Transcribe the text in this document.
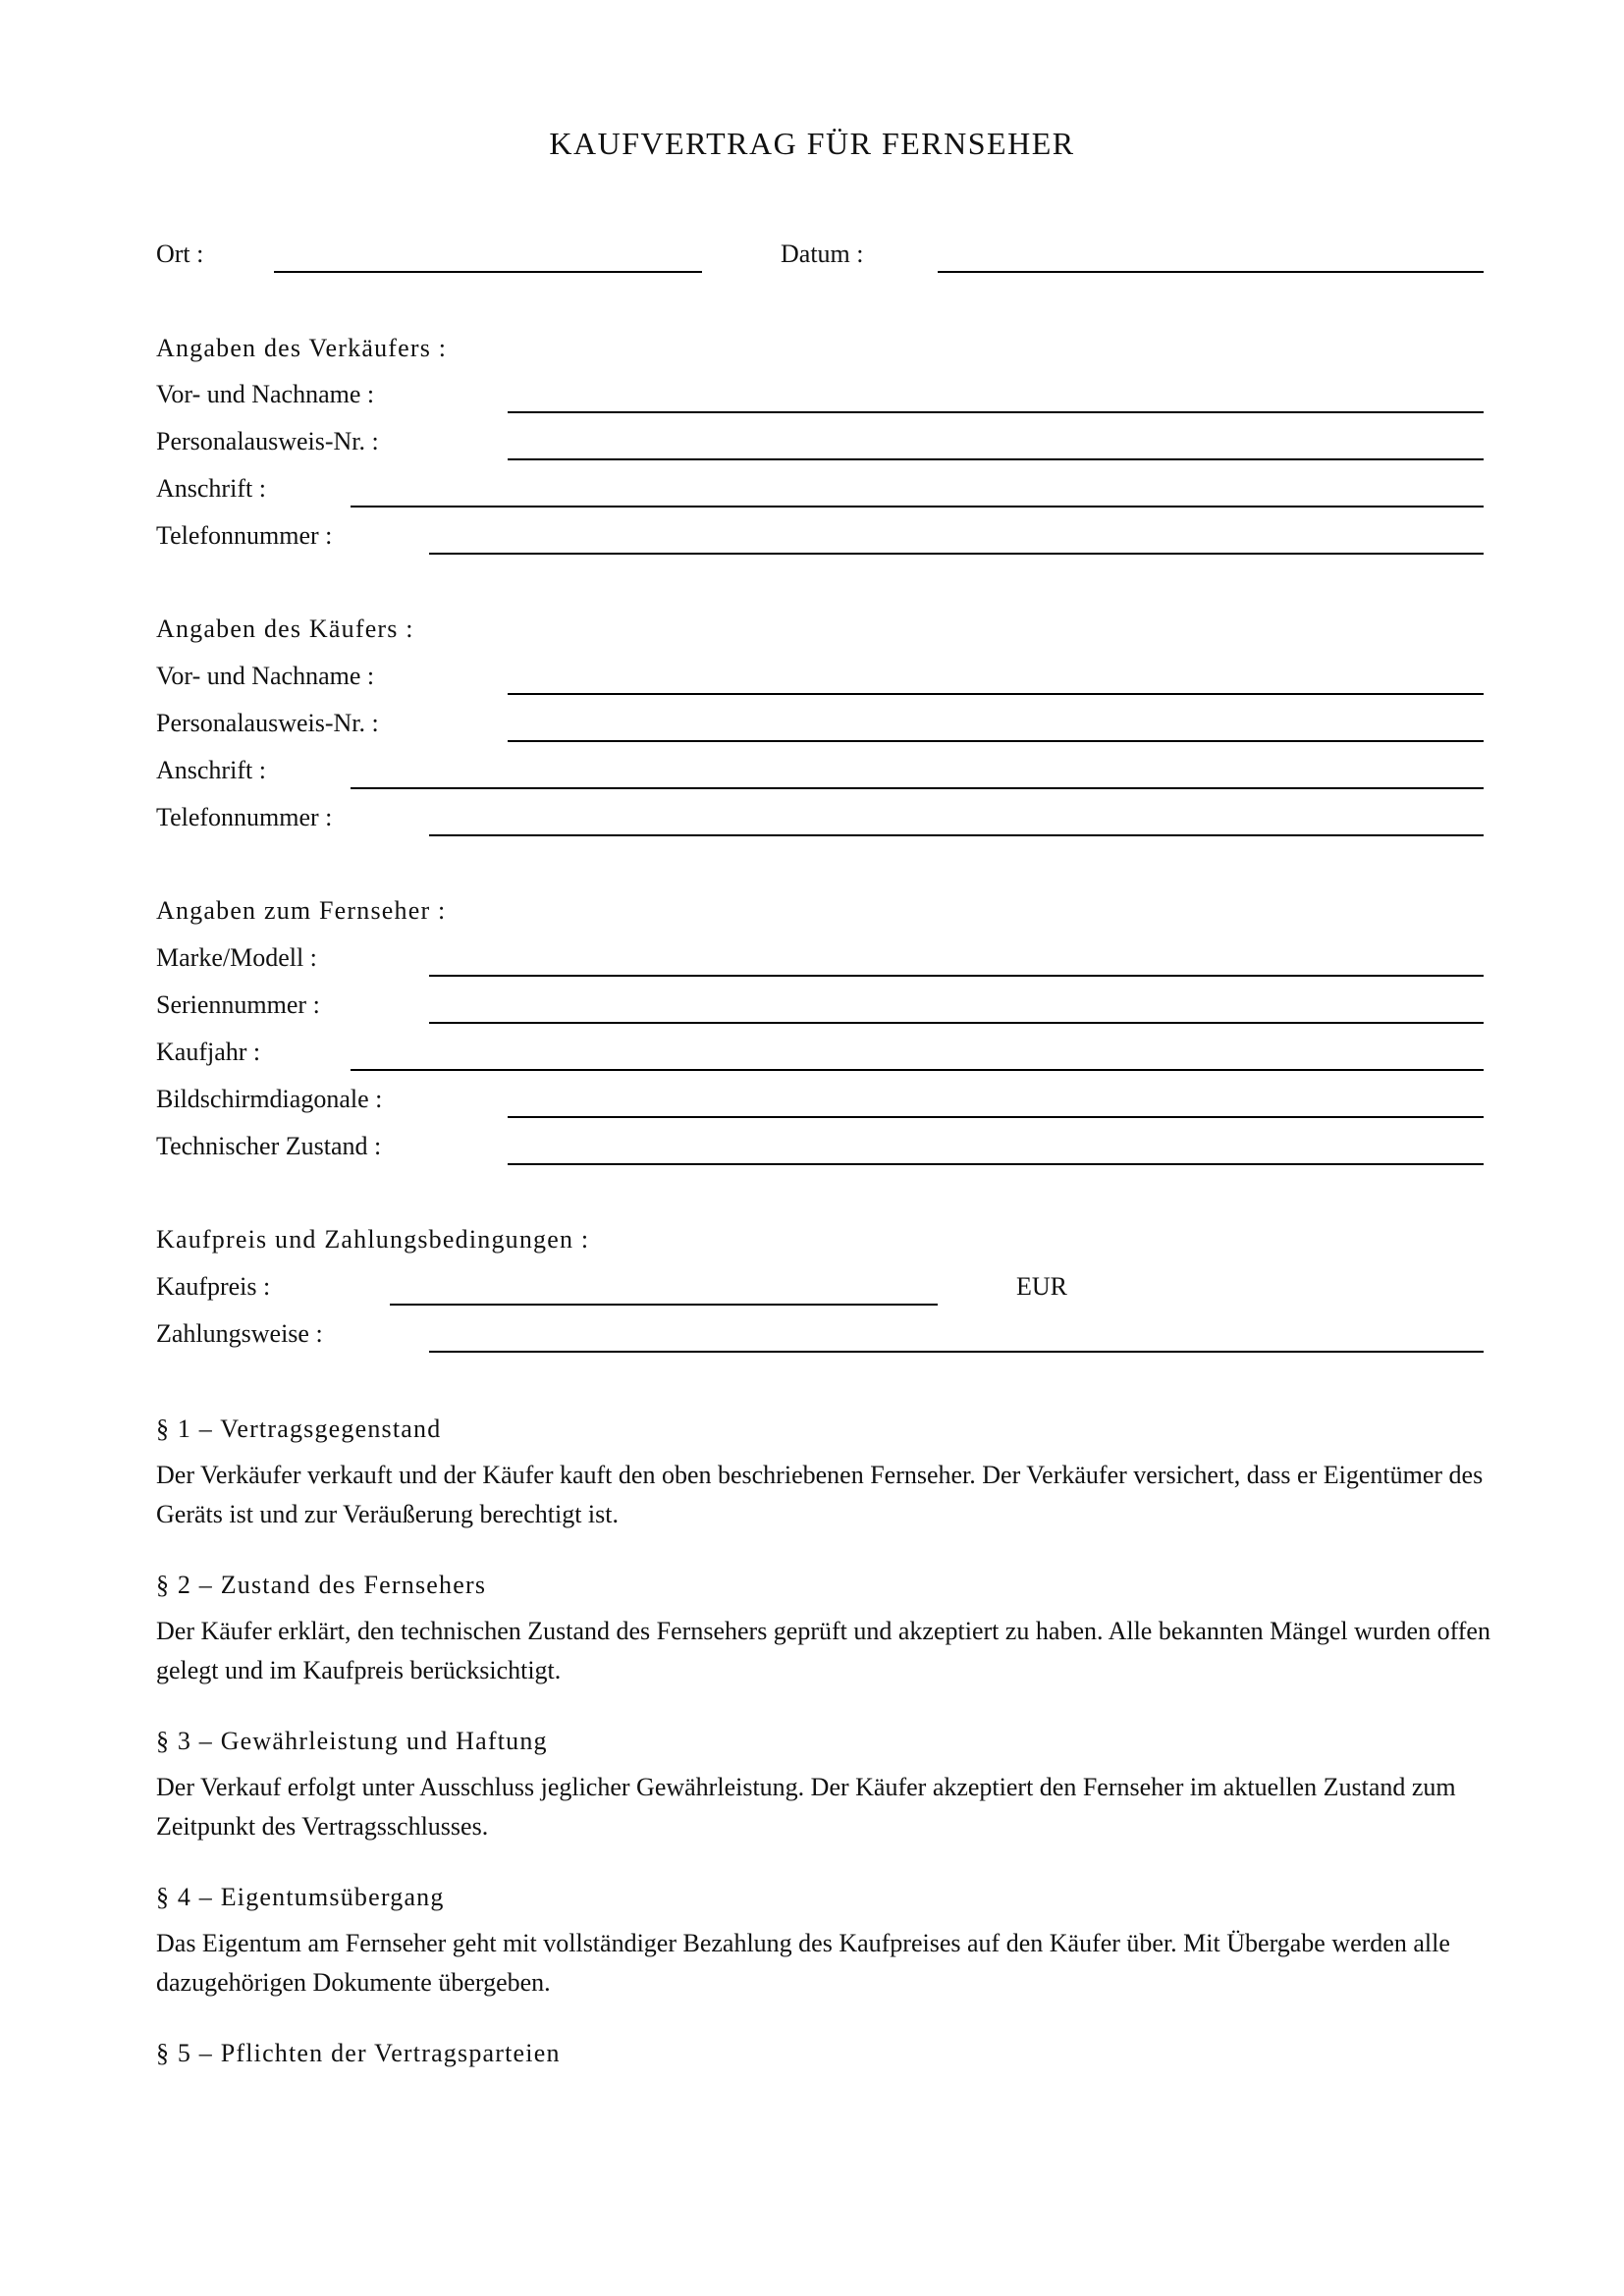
KAUFVERTRAG FÜR FERNSEHER
Ort :	Datum :
Angaben des Verkäufers :
Vor- und Nachname :
Personalausweis-Nr. :
Anschrift :
Telefonnummer :
Angaben des Käufers :
Vor- und Nachname :
Personalausweis-Nr. :
Anschrift :
Telefonnummer :
Angaben zum Fernseher :
Marke/Modell :
Seriennummer :
Kaufjahr :
Bildschirmdiagonale :
Technischer Zustand :
Kaufpreis und Zahlungsbedingungen :
Kaufpreis :	EUR
Zahlungsweise :
§ 1 – Vertragsgegenstand
Der Verkäufer verkauft und der Käufer kauft den oben beschriebenen Fernseher. Der Verkäufer versichert, dass er Eigentümer des Geräts ist und zur Veräußerung berechtigt ist.
§ 2 – Zustand des Fernsehers
Der Käufer erklärt, den technischen Zustand des Fernsehers geprüft und akzeptiert zu haben. Alle bekannten Mängel wurden offen gelegt und im Kaufpreis berücksichtigt.
§ 3 – Gewährleistung und Haftung
Der Verkauf erfolgt unter Ausschluss jeglicher Gewährleistung. Der Käufer akzeptiert den Fernseher im aktuellen Zustand zum Zeitpunkt des Vertragsschlusses.
§ 4 – Eigentumsübergang
Das Eigentum am Fernseher geht mit vollständiger Bezahlung des Kaufpreises auf den Käufer über. Mit Übergabe werden alle dazugehörigen Dokumente übergeben.
§ 5 – Pflichten der Vertragsparteien
